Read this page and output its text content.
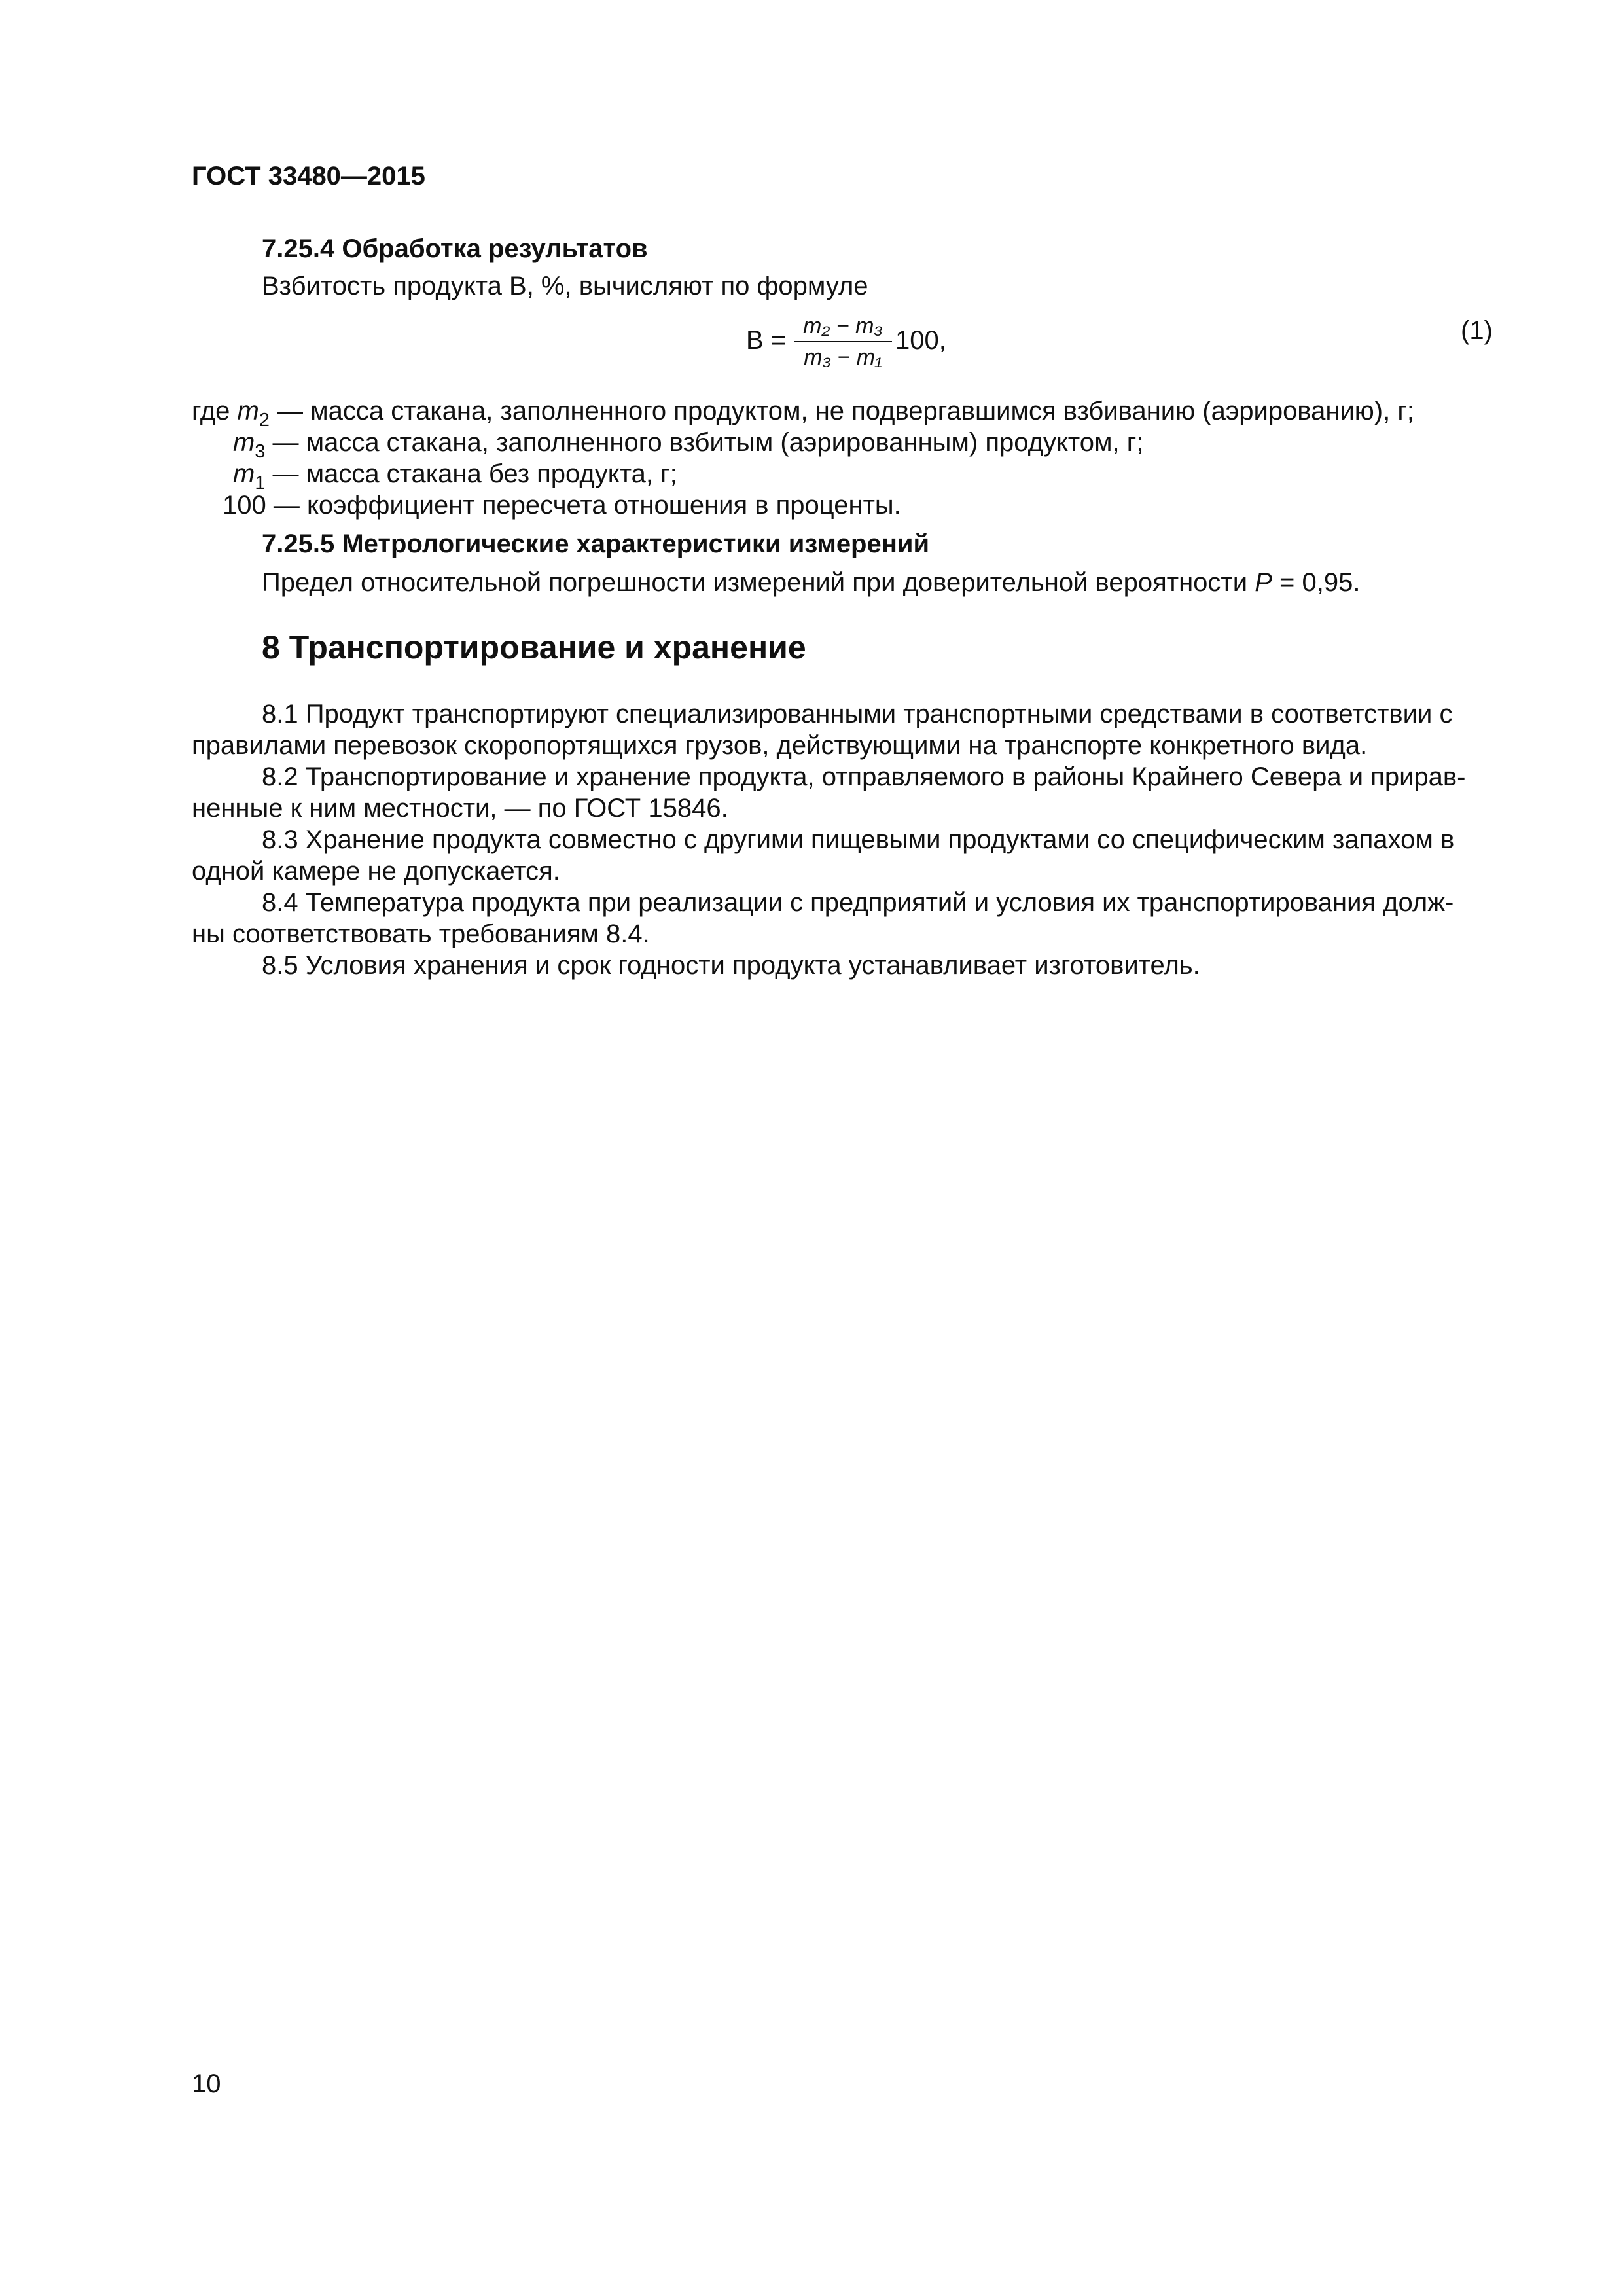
ГОСТ 33480—2015
7.25.4 Обработка результатов
Взбитость продукта В, %, вычисляют по формуле
$В = \frac{\text{m₂ − m₃}}{\text{m₃ − m₁}} 100$,	(1)
где $m_2$ — масса стакана, заполненного продуктом, не подвергавшимся взбиванию (аэрированию), г;
$m_3$ — масса стакана, заполненного взбитым (аэрированным) продуктом, г;
$m_1$ — масса стакана без продукта, г;
100 — коэффициент пересчета отношения в проценты.
7.25.5 Метрологические характеристики измерений
Предел относительной погрешности измерений при доверительной вероятности P = 0,95.
8 Транспортирование и хранение
8.1 Продукт транспортируют специализированными транспортными средствами в соответствии с
правилами перевозок скоропортящихся грузов, действующими на транспорте конкретного вида.
8.2 Транспортирование и хранение продукта, отправляемого в районы Крайнего Севера и прирав-
ненные к ним местности, — по ГОСТ 15846.
8.3 Хранение продукта совместно с другими пищевыми продуктами со специфическим запахом в
одной камере не допускается.
8.4 Температура продукта при реализации с предприятий и условия их транспортирования долж-
ны соответствовать требованиям 8.4.
8.5 Условия хранения и срок годности продукта устанавливает изготовитель.
10
